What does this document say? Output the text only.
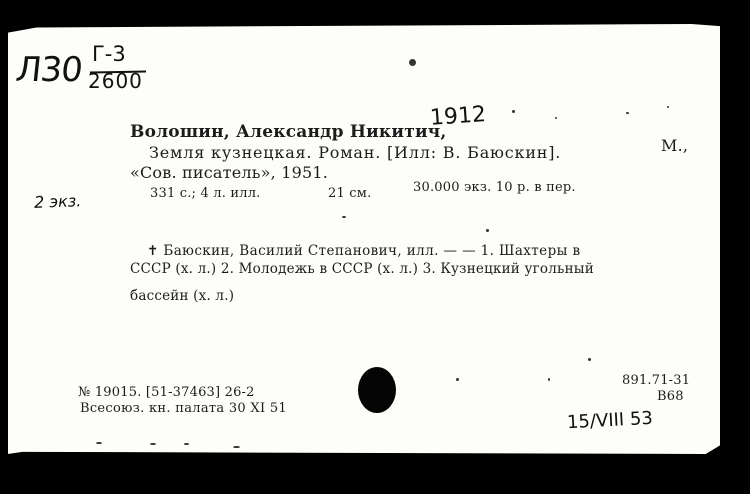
Л30 Г-3
2600
Волошин, Александр Никитич,
1912
Земля кузнецкая. Роман. [Илл: В. Баюскин].	М.,
«Сов. писатель», 1951.
2 экз.	331 с.; 4 л. илл.	21 см.	30.000 экз. 10 р. в пер.
✝ Баюскин, Василий Степанович, илл. — — 1. Шахтеры в
СССР (х. л.) 2. Молодежь в СССР (х. л.) 3. Кузнецкий угольный
бассейн (х. л.)
№ 19015. [51-37463] 26-2
Всесоюз. кн. палата 30 XI 51
891.71-31
В68
15/VIII 53
